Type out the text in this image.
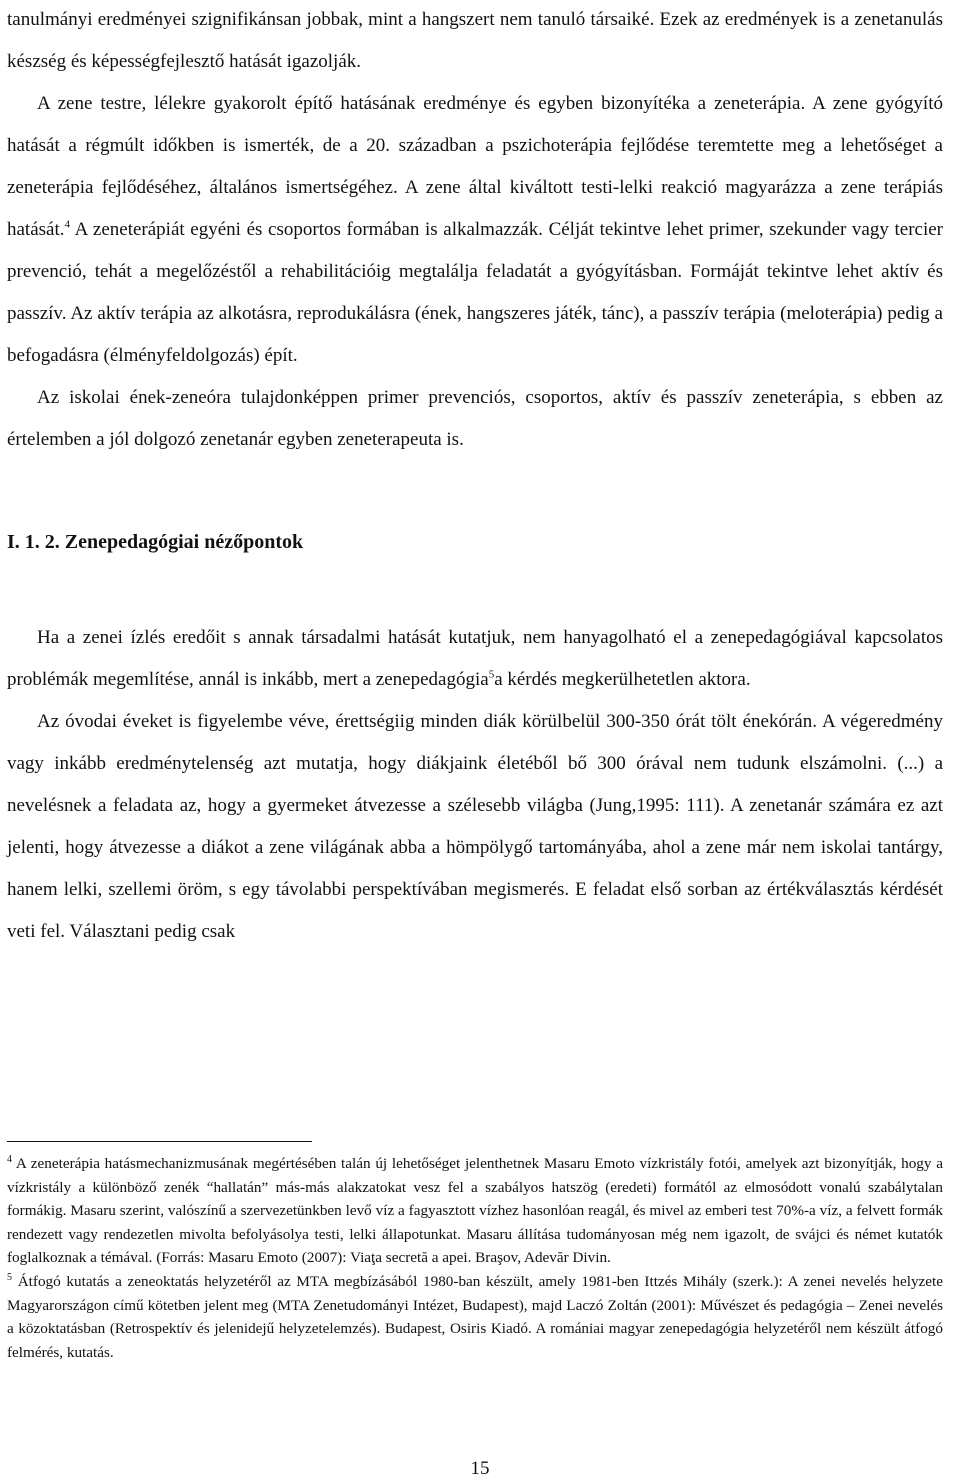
tanulmányi eredményei szignifikánsan jobbak, mint a hangszert nem tanuló társaiké. Ezek az eredmények is a zenetanulás készség és képességfejlesztő hatását igazolják.

A zene testre, lélekre gyakorolt építő hatásának eredménye és egyben bizonyítéka a zeneterápia. A zene gyógyító hatását a régmúlt időkben is ismerték, de a 20. században a pszichoterápia fejlődése teremtette meg a lehetőséget a zeneterápia fejlődéséhez, általános ismertségéhez. A zene által kiváltott testi-lelki reakció magyarázza a zene terápiás hatását.$^4$ A zeneterápiát egyéni és csoportos formában is alkalmazzák. Célját tekintve lehet primer, szekunder vagy tercier prevenció, tehát a megelőzéstől a rehabilitációig megtalálja feladatát a gyógyításban. Formáját tekintve lehet aktív és passzív. Az aktív terápia az alkotásra, reprodukálásra (ének, hangszeres játék, tánc), a passzív terápia (meloterápia) pedig a befogadásra (élményfeldolgozás) épít.

Az iskolai ének-zeneóra tulajdonképpen primer prevenciós, csoportos, aktív és passzív zeneterápia, s ebben az értelemben a jól dolgozó zenetanár egyben zeneterapeuta is.

I. 1. 2. Zenepedagógiai nézőpontok

Ha a zenei ízlés eredőit s annak társadalmi hatását kutatjuk, nem hanyagolható el a zenepedagógiával kapcsolatos problémák megemlítése, annál is inkább, mert a zenepedagógia$^5$a kérdés megkerülhetetlen aktora.

Az óvodai éveket is figyelembe véve, érettségiig minden diák körülbelül 300-350 órát tölt énekórán. A végeredmény vagy inkább eredménytelenség azt mutatja, hogy diákjaink életéből bő 300 órával nem tudunk elszámolni. (...) a nevelésnek a feladata az, hogy a gyermeket átvezesse a szélesebb világba (Jung,1995: 111). A zenetanár számára ez azt jelenti, hogy átvezesse a diákot a zene világának abba a hömpölygő tartományába, ahol a zene már nem iskolai tantárgy, hanem lelki, szellemi öröm, s egy távolabbi perspektívában megismerés. E feladat első sorban az értékválasztás kérdését veti fel. Választani pedig csak

$^4$ A zeneterápia hatásmechanizmusának megértésében talán új lehetőséget jelenthetnek Masaru Emoto vízkristály fotói, amelyek azt bizonyítják, hogy a vízkristály a különböző zenék “hallatán” más-más alakzatokat vesz fel a szabályos hatszög (eredeti) formától az elmosódott vonalú szabálytalan formákig. Masaru szerint, valószínű a szervezetünkben levő víz a fagyasztott vízhez hasonlóan reagál, és mivel az emberi test 70%-a víz, a felvett formák rendezett vagy rendezetlen mivolta befolyásolya testi, lelki állapotunkat. Masaru állítása tudományosan még nem igazolt, de svájci és német kutatók foglalkoznak a témával. (Forrás: Masaru Emoto (2007): Viaţa secretă a apei. Braşov, Adevăr Divin.

$^5$ Átfogó kutatás a zeneoktatás helyzetéről az MTA megbízásából 1980-ban készült, amely 1981-ben Ittzés Mihály (szerk.): A zenei nevelés helyzete Magyarországon című kötetben jelent meg (MTA Zenetudományi Intézet, Budapest), majd Laczó Zoltán (2001): Művészet és pedagógia – Zenei nevelés a közoktatásban (Retrospektív és jelenidejű helyzetelemzés). Budapest, Osiris Kiadó. A romániai magyar zenepedagógia helyzetéről nem készült átfogó felmérés, kutatás.

15
